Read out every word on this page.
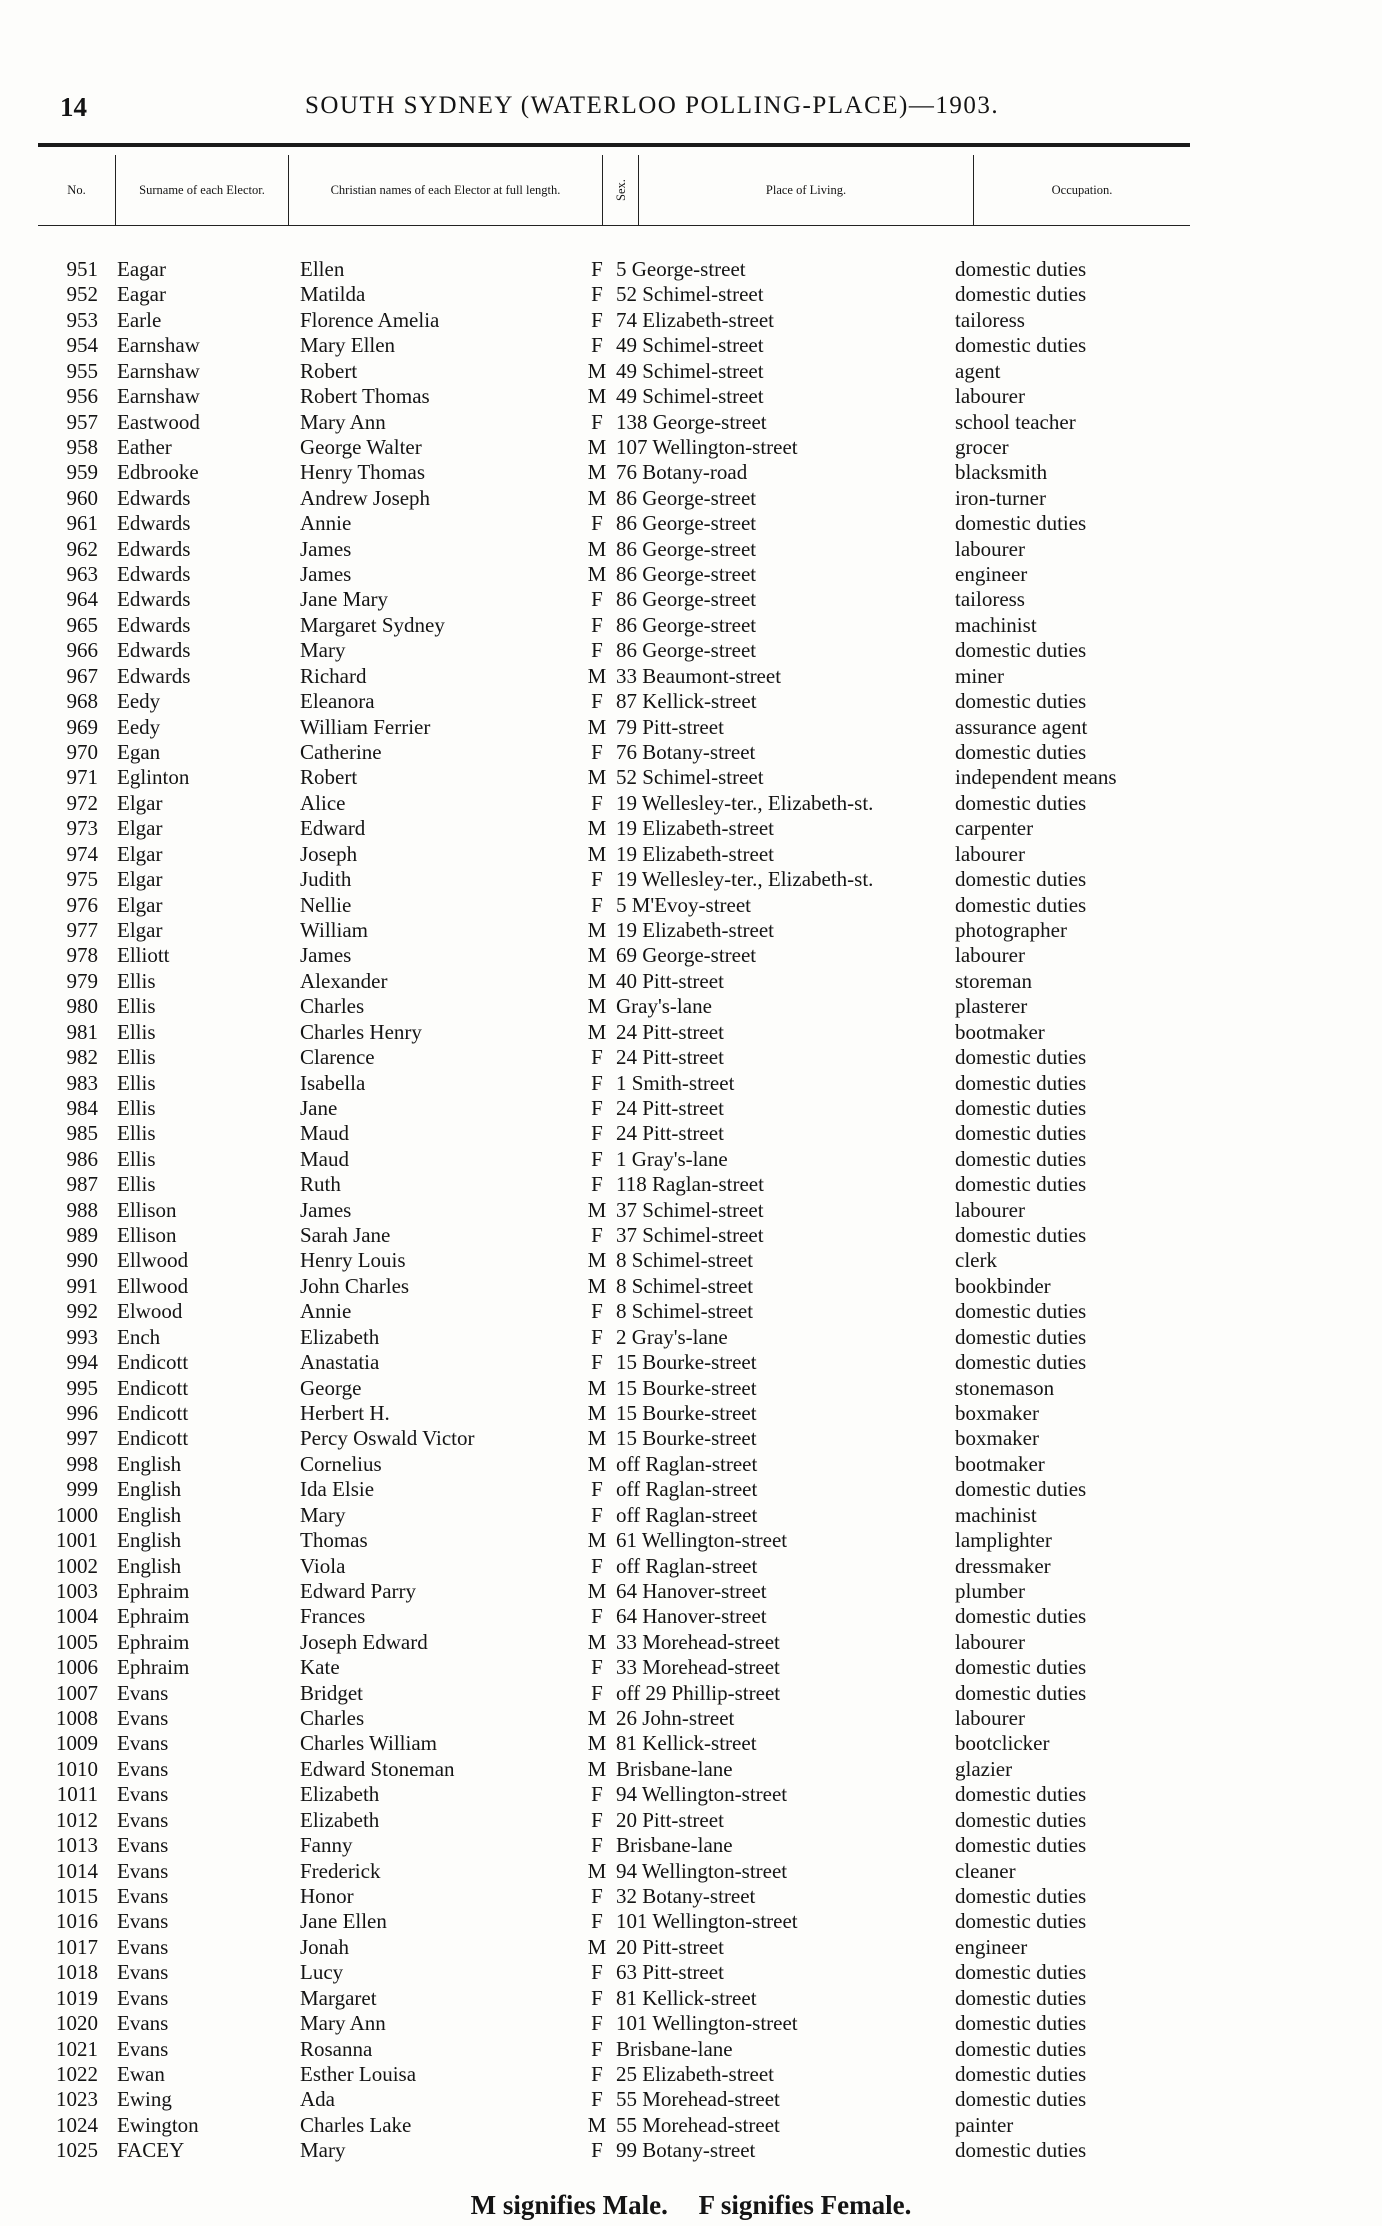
14	SOUTH SYDNEY (WATERLOO POLLING-PLACE)—1903.
No.	Surname of each Elector.	Christian names of each Elector at full length.	Sex.	Place of Living.	Occupation.
951 Eagar	Ellen	F 5 George-street	domestic duties
952 Eagar	Matilda	F 52 Schimel-street	domestic duties
953 Earle	Florence Amelia	F 74 Elizabeth-street	tailoress
954 Earnshaw	Mary Ellen	F 49 Schimel-street	domestic duties
955 Earnshaw	Robert	M 49 Schimel-street	agent
956 Earnshaw	Robert Thomas	M 49 Schimel-street	labourer
957 Eastwood	Mary Ann	F 138 George-street	school teacher
958 Eather	George Walter	M 107 Wellington-street	grocer
959 Edbrooke	Henry Thomas	M 76 Botany-road	blacksmith
960 Edwards	Andrew Joseph	M 86 George-street	iron-turner
961 Edwards	Annie	F 86 George-street	domestic duties
962 Edwards	James	M 86 George-street	labourer
963 Edwards	James	M 86 George-street	engineer
964 Edwards	Jane Mary	F 86 George-street	tailoress
965 Edwards	Margaret Sydney	F 86 George-street	machinist
966 Edwards	Mary	F 86 George-street	domestic duties
967 Edwards	Richard	M 33 Beaumont-street	miner
968 Eedy	Eleanora	F 87 Kellick-street	domestic duties
969 Eedy	William Ferrier	M 79 Pitt-street	assurance agent
970 Egan	Catherine	F 76 Botany-street	domestic duties
971 Eglinton	Robert	M 52 Schimel-street	independent means
972 Elgar	Alice	F 19 Wellesley-ter., Elizabeth-st.	domestic duties
973 Elgar	Edward	M 19 Elizabeth-street	carpenter
974 Elgar	Joseph	M 19 Elizabeth-street	labourer
975 Elgar	Judith	F 19 Wellesley-ter., Elizabeth-st.	domestic duties
976 Elgar	Nellie	F 5 M'Evoy-street	domestic duties
977 Elgar	William	M 19 Elizabeth-street	photographer
978 Elliott	James	M 69 George-street	labourer
979 Ellis	Alexander	M 40 Pitt-street	storeman
980 Ellis	Charles	M Gray's-lane	plasterer
981 Ellis	Charles Henry	M 24 Pitt-street	bootmaker
982 Ellis	Clarence	F 24 Pitt-street	domestic duties
983 Ellis	Isabella	F 1 Smith-street	domestic duties
984 Ellis	Jane	F 24 Pitt-street	domestic duties
985 Ellis	Maud	F 24 Pitt-street	domestic duties
986 Ellis	Maud	F 1 Gray's-lane	domestic duties
987 Ellis	Ruth	F 118 Raglan-street	domestic duties
988 Ellison	James	M 37 Schimel-street	labourer
989 Ellison	Sarah Jane	F 37 Schimel-street	domestic duties
990 Ellwood	Henry Louis	M 8 Schimel-street	clerk
991 Ellwood	John Charles	M 8 Schimel-street	bookbinder
992 Elwood	Annie	F 8 Schimel-street	domestic duties
993 Ench	Elizabeth	F 2 Gray's-lane	domestic duties
994 Endicott	Anastatia	F 15 Bourke-street	domestic duties
995 Endicott	George	M 15 Bourke-street	stonemason
996 Endicott	Herbert H.	M 15 Bourke-street	boxmaker
997 Endicott	Percy Oswald Victor	M 15 Bourke-street	boxmaker
998 English	Cornelius	M off Raglan-street	bootmaker
999 English	Ida Elsie	F off Raglan-street	domestic duties
1000 English	Mary	F off Raglan-street	machinist
1001 English	Thomas	M 61 Wellington-street	lamplighter
1002 English	Viola	F off Raglan-street	dressmaker
1003 Ephraim	Edward Parry	M 64 Hanover-street	plumber
1004 Ephraim	Frances	F 64 Hanover-street	domestic duties
1005 Ephraim	Joseph Edward	M 33 Morehead-street	labourer
1006 Ephraim	Kate	F 33 Morehead-street	domestic duties
1007 Evans	Bridget	F off 29 Phillip-street	domestic duties
1008 Evans	Charles	M 26 John-street	labourer
1009 Evans	Charles William	M 81 Kellick-street	bootclicker
1010 Evans	Edward Stoneman	M Brisbane-lane	glazier
1011 Evans	Elizabeth	F 94 Wellington-street	domestic duties
1012 Evans	Elizabeth	F 20 Pitt-street	domestic duties
1013 Evans	Fanny	F Brisbane-lane	domestic duties
1014 Evans	Frederick	M 94 Wellington-street	cleaner
1015 Evans	Honor	F 32 Botany-street	domestic duties
1016 Evans	Jane Ellen	F 101 Wellington-street	domestic duties
1017 Evans	Jonah	M 20 Pitt-street	engineer
1018 Evans	Lucy	F 63 Pitt-street	domestic duties
1019 Evans	Margaret	F 81 Kellick-street	domestic duties
1020 Evans	Mary Ann	F 101 Wellington-street	domestic duties
1021 Evans	Rosanna	F Brisbane-lane	domestic duties
1022 Ewan	Esther Louisa	F 25 Elizabeth-street	domestic duties
1023 Ewing	Ada	F 55 Morehead-street	domestic duties
1024 Ewington	Charles Lake	M 55 Morehead-street	painter
1025 FACEY	Mary	F 99 Botany-street	domestic duties
M signifies Male. F signifies Female.
